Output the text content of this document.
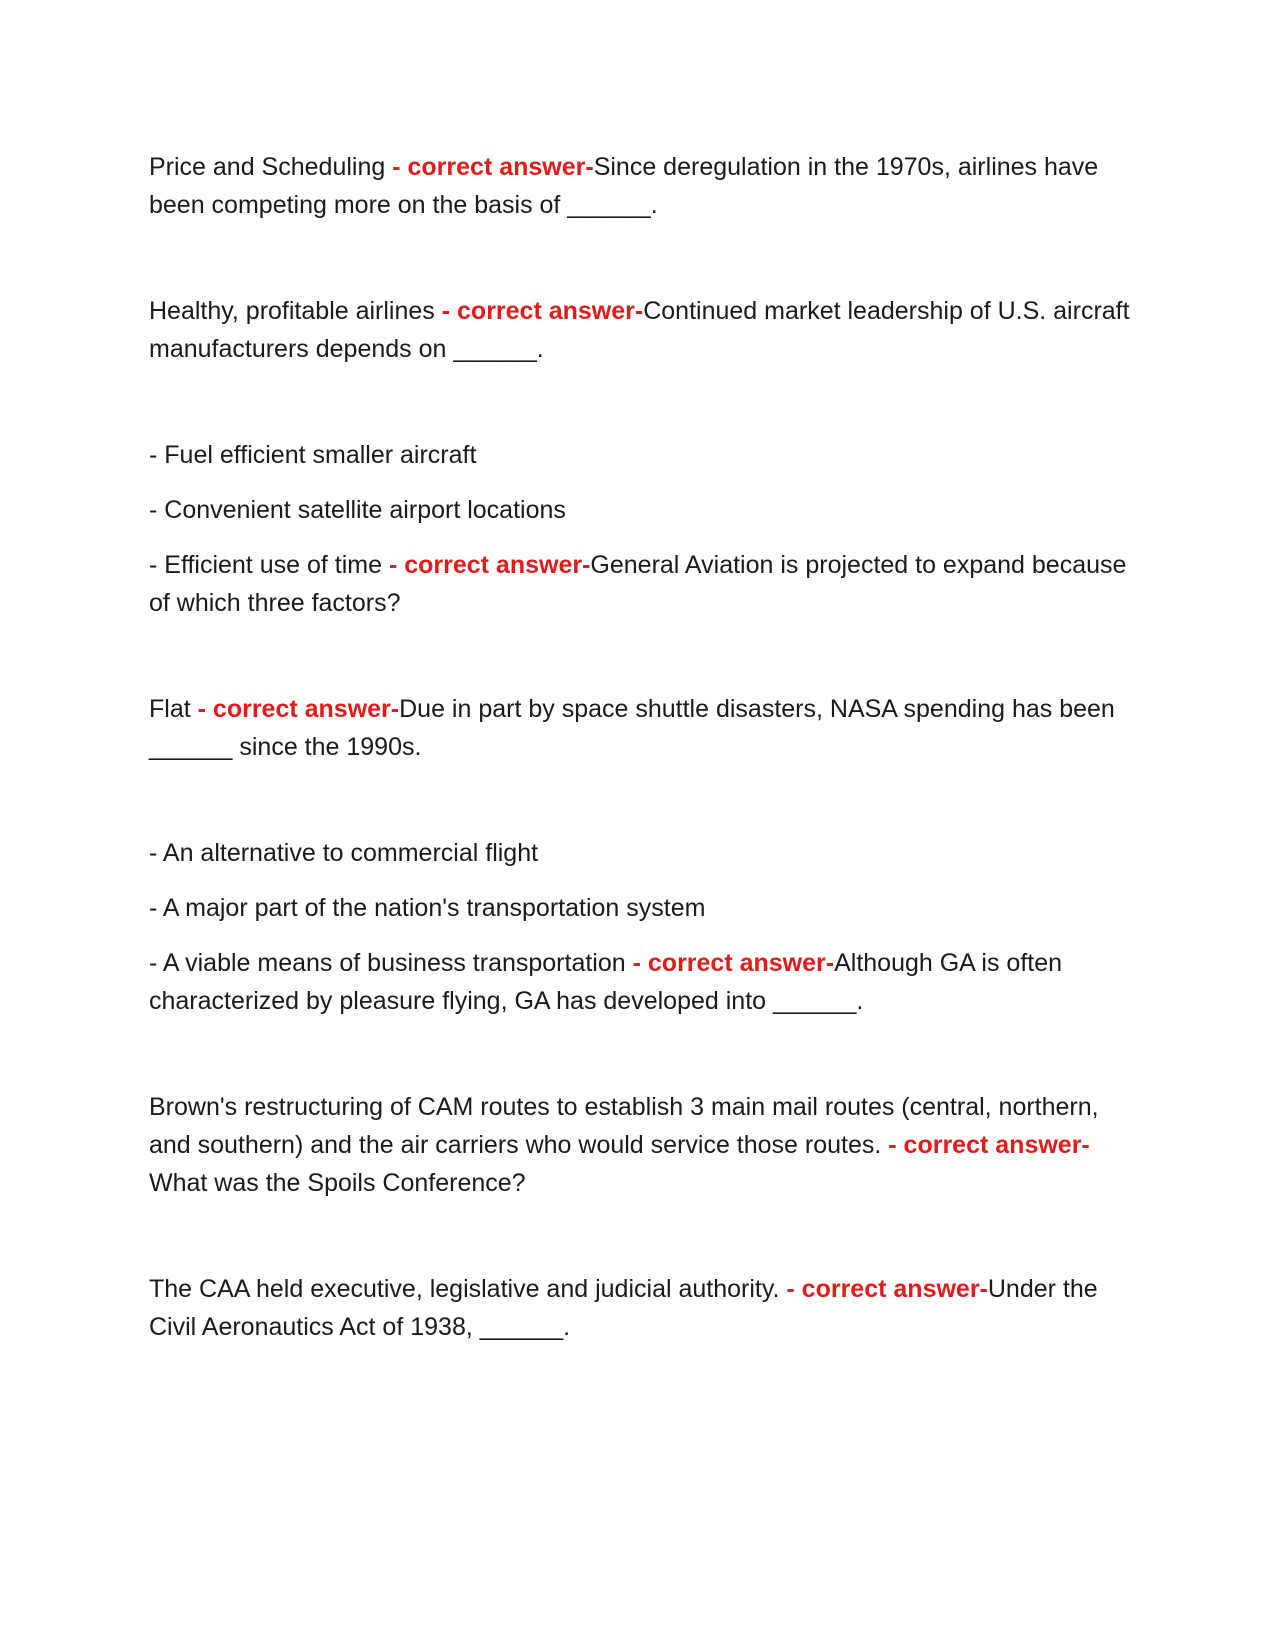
Price and Scheduling - correct answer-Since deregulation in the 1970s, airlines have been competing more on the basis of ______.

Healthy, profitable airlines - correct answer-Continued market leadership of U.S. aircraft manufacturers depends on ______.

- Fuel efficient smaller aircraft

- Convenient satellite airport locations

- Efficient use of time - correct answer-General Aviation is projected to expand because of which three factors?

Flat - correct answer-Due in part by space shuttle disasters, NASA spending has been ______ since the 1990s.

- An alternative to commercial flight

- A major part of the nation's transportation system

- A viable means of business transportation - correct answer-Although GA is often characterized by pleasure flying, GA has developed into ______.

Brown's restructuring of CAM routes to establish 3 main mail routes (central, northern, and southern) and the air carriers who would service those routes. - correct answer-What was the Spoils Conference?

The CAA held executive, legislative and judicial authority. - correct answer-Under the Civil Aeronautics Act of 1938, ______.
